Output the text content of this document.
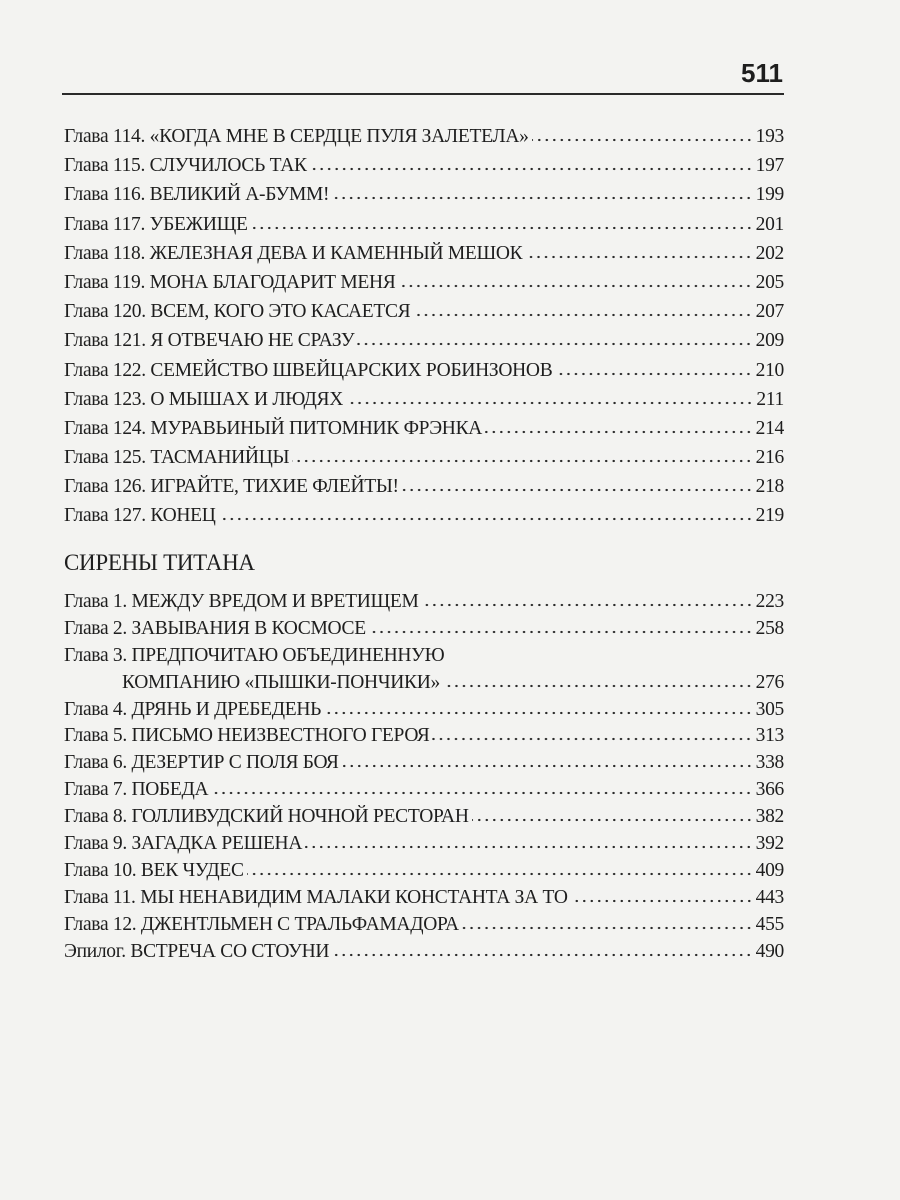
511
Глава 114. «КОГДА МНЕ В СЕРДЦЕ ПУЛЯ ЗАЛЕТЕЛА»	193
Глава 115. СЛУЧИЛОСЬ ТАК	197
Глава 116. ВЕЛИКИЙ А-БУММ!	199
Глава 117. УБЕЖИЩЕ	201
Глава 118. ЖЕЛЕЗНАЯ ДЕВА И КАМЕННЫЙ МЕШОК	202
Глава 119. МОНА БЛАГОДАРИТ МЕНЯ	205
Глава 120. ВСЕМ, КОГО ЭТО КАСАЕТСЯ	207
Глава 121. Я ОТВЕЧАЮ НЕ СРАЗУ	209
Глава 122. СЕМЕЙСТВО ШВЕЙЦАРСКИХ РОБИНЗОНОВ	210
Глава 123. О МЫШАХ И ЛЮДЯХ	211
Глава 124. МУРАВЬИНЫЙ ПИТОМНИК ФРЭНКА	214
Глава 125. ТАСМАНИЙЦЫ	216
Глава 126. ИГРАЙТЕ, ТИХИЕ ФЛЕЙТЫ!	218
Глава 127. КОНЕЦ	219
СИРЕНЫ ТИТАНА
Глава 1. МЕЖДУ ВРЕДОМ И ВРЕТИЩЕМ	223
Глава 2. ЗАВЫВАНИЯ В КОСМОСЕ	258
Глава 3. ПРЕДПОЧИТАЮ ОБЪЕДИНЕННУЮ
КОМПАНИЮ «ПЫШКИ-ПОНЧИКИ»	276
Глава 4. ДРЯНЬ И ДРЕБЕДЕНЬ	305
Глава 5. ПИСЬМО НЕИЗВЕСТНОГО ГЕРОЯ	313
Глава 6. ДЕЗЕРТИР С ПОЛЯ БОЯ	338
Глава 7. ПОБЕДА	366
Глава 8. ГОЛЛИВУДСКИЙ НОЧНОЙ РЕСТОРАН	382
Глава 9. ЗАГАДКА РЕШЕНА	392
Глава 10. ВЕК ЧУДЕС	409
Глава 11. МЫ НЕНАВИДИМ МАЛАКИ КОНСТАНТА ЗА ТО	443
Глава 12. ДЖЕНТЛЬМЕН С ТРАЛЬФАМАДОРА	455
Эпилог. ВСТРЕЧА СО СТОУНИ	490
